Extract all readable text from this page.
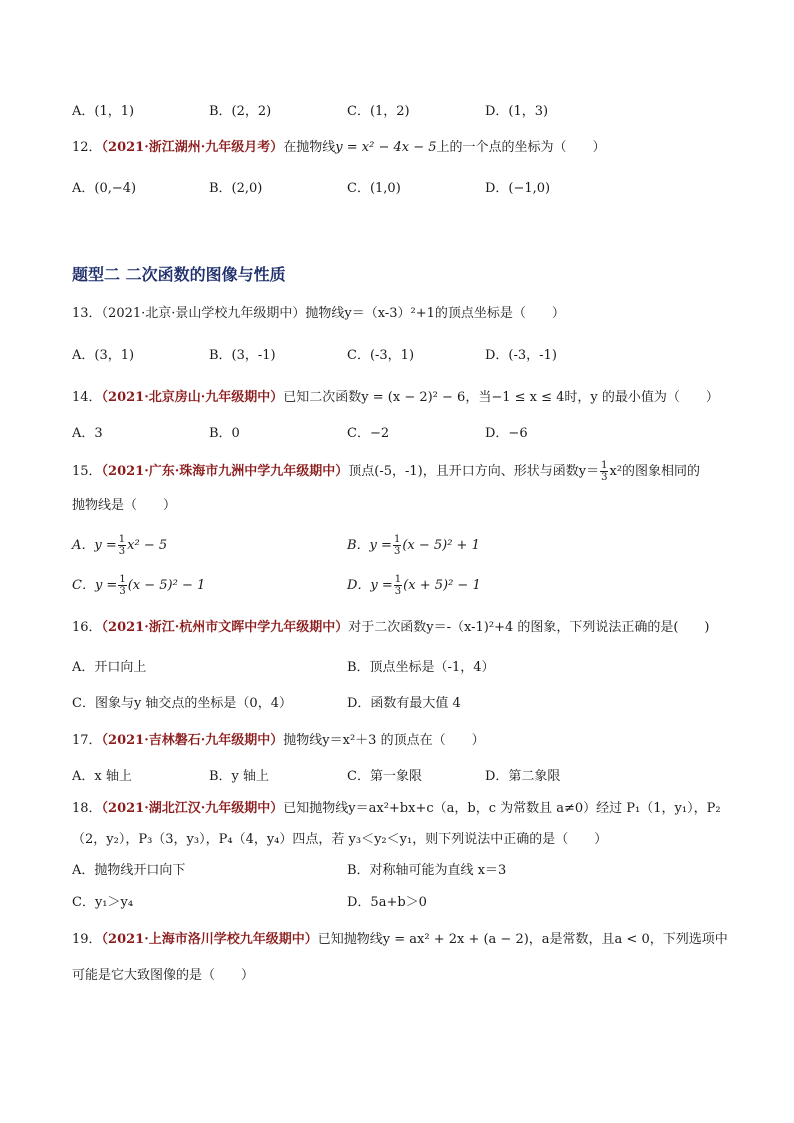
A．(1，1)	B．(2，2)	C．(1，2)	D．(1，3)
12．（2021·浙江湖州·九年级月考）在抛物线y = x² − 4x − 5上的一个点的坐标为（　　）
A．(0,−4)	B．(2,0)	C．(1,0)	D．(−1,0)
题型二 二次函数的图像与性质
13．（2021·北京·景山学校九年级期中）抛物线y＝（x-3）²+1的顶点坐标是（　　）
A．(3，1)	B．(3，-1)	C．(-3，1)	D．(-3，-1)
14．（2021·北京房山·九年级期中）已知二次函数y = (x − 2)² − 6，当−1 ≤ x ≤ 4时，y 的最小值为（　　）
A．3	B．0	C．−2	D．−6
15．（2021·广东·珠海市九洲中学九年级期中）顶点(-5，-1)，且开口方向、形状与函数$y= \frac{1}{3} x^2$的图象相同的
抛物线是（　　）
A．$y = \frac{1}{3} x^2 - 5$	B．$y = \frac{1}{3} (x - 5)^2 + 1$
C．$y = \frac{1}{3} (x - 5)^2 - 1$	D．$y = \frac{1}{3} (x + 5)^2 - 1$
16．（2021·浙江·杭州市文晖中学九年级期中）对于二次函数y＝-（x-1)²+4 的图象，下列说法正确的是(　　)
A．开口向上	B．顶点坐标是（-1，4）
C．图象与y 轴交点的坐标是（0，4）	D．函数有最大值 4
17．（2021·吉林磐石·九年级期中）抛物线y＝x²＋3 的顶点在（　　）
A．x 轴上	B．y 轴上	C．第一象限	D．第二象限
18．（2021·湖北江汉·九年级期中）已知抛物线y＝ax²+bx+c（a，b，c 为常数且 a≠0）经过 P₁（1，y₁），P₂
（2，y₂），P₃（3，y₃），P₄（4，y₄）四点，若 y₃＜y₂＜y₁，则下列说法中正确的是（　　）
A．抛物线开口向下	B．对称轴可能为直线 x＝3
C．y₁＞y₄	D．5a+b＞0
19．（2021·上海市洛川学校九年级期中）已知抛物线y = ax² + 2x + (a − 2)，a是常数，且a < 0，下列选项中
可能是它大致图像的是（　　）
